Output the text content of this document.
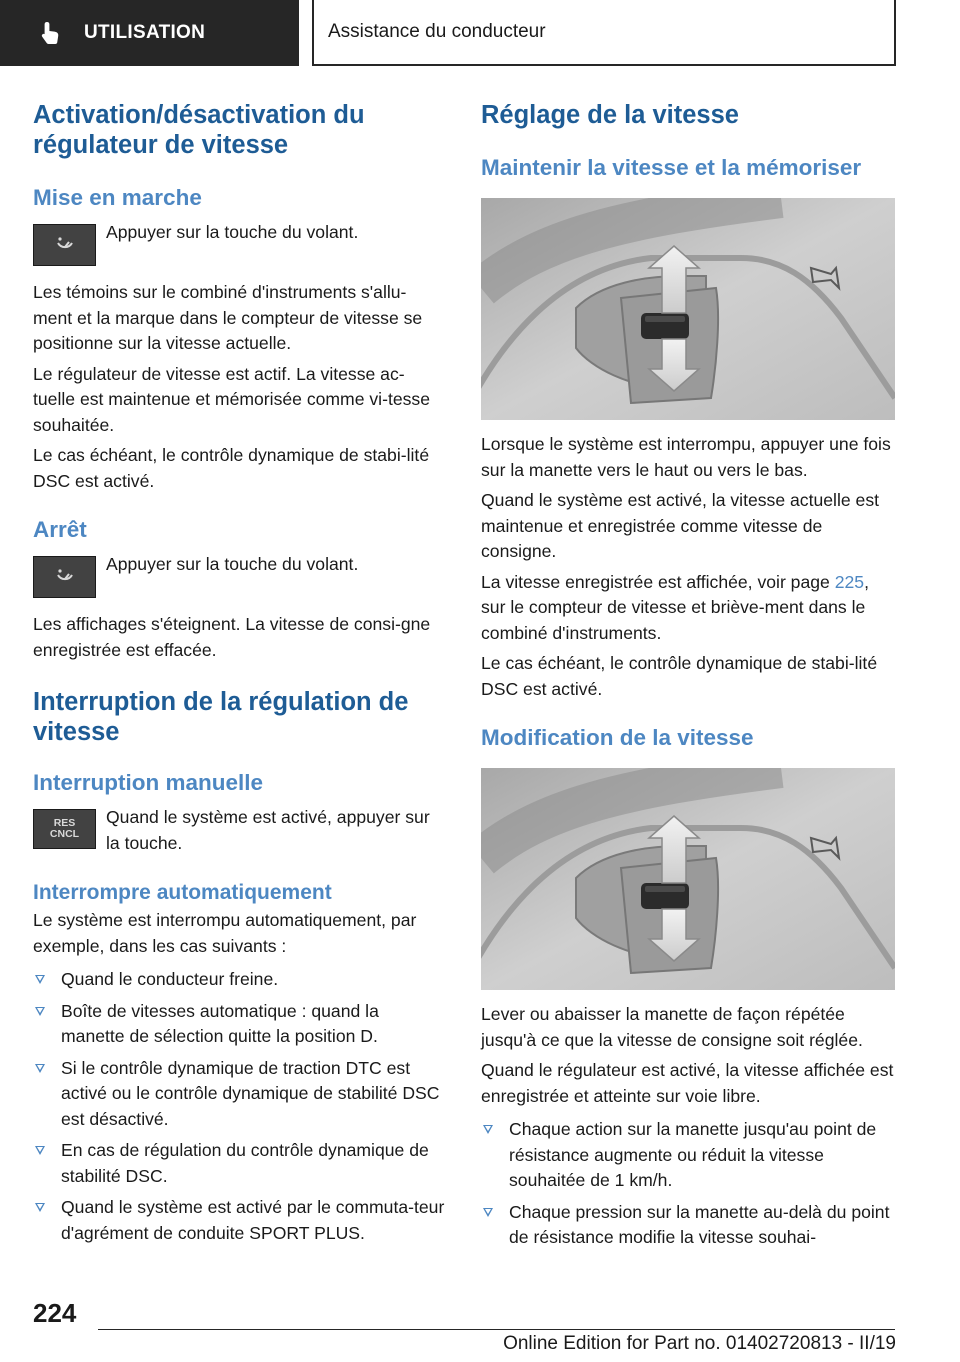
UTILISATION	Assistance du conducteur
Activation/désactivation du régulateur de vitesse
Mise en marche
Appuyer sur la touche du volant.

Les témoins sur le combiné d'instruments s'allu-ment et la marque dans le compteur de vitesse se positionne sur la vitesse actuelle.

Le régulateur de vitesse est actif. La vitesse ac-tuelle est maintenue et mémorisée comme vi-tesse souhaitée.

Le cas échéant, le contrôle dynamique de stabi-lité DSC est activé.

Arrêt
Appuyer sur la touche du volant.

Les affichages s'éteignent. La vitesse de consi-gne enregistrée est effacée.

Interruption de la régulation de vitesse
Interruption manuelle
RES CNCL
Quand le système est activé, appuyer sur la touche.
Interrompre automatiquement

Le système est interrompu automatiquement, par exemple, dans les cas suivants :

Quand le conducteur freine.
Boîte de vitesses automatique : quand la manette de sélection quitte la position D.
Si le contrôle dynamique de traction DTC est activé ou le contrôle dynamique de stabilité DSC est désactivé.
En cas de régulation du contrôle dynamique de stabilité DSC.
Quand le système est activé par le commuta-teur d'agrément de conduite SPORT PLUS.
Réglage de la vitesse
Maintenir la vitesse et la mémoriser

Lorsque le système est interrompu, appuyer une fois sur la manette vers le haut ou vers le bas.

Quand le système est activé, la vitesse actuelle est maintenue et enregistrée comme vitesse de consigne.

La vitesse enregistrée est affichée, voir page 225, sur le compteur de vitesse et briève-ment dans le combiné d'instruments.

Le cas échéant, le contrôle dynamique de stabi-lité DSC est activé.

Modification de la vitesse

Lever ou abaisser la manette de façon répétée jusqu'à ce que la vitesse de consigne soit réglée.

Quand le régulateur est activé, la vitesse affichée est enregistrée et atteinte sur voie libre.

Chaque action sur la manette jusqu'au point de résistance augmente ou réduit la vitesse souhaitée de 1 km/h.
Chaque pression sur la manette au-delà du point de résistance modifie la vitesse souhai-
224
Online Edition for Part no. 01402720813 - II/19
